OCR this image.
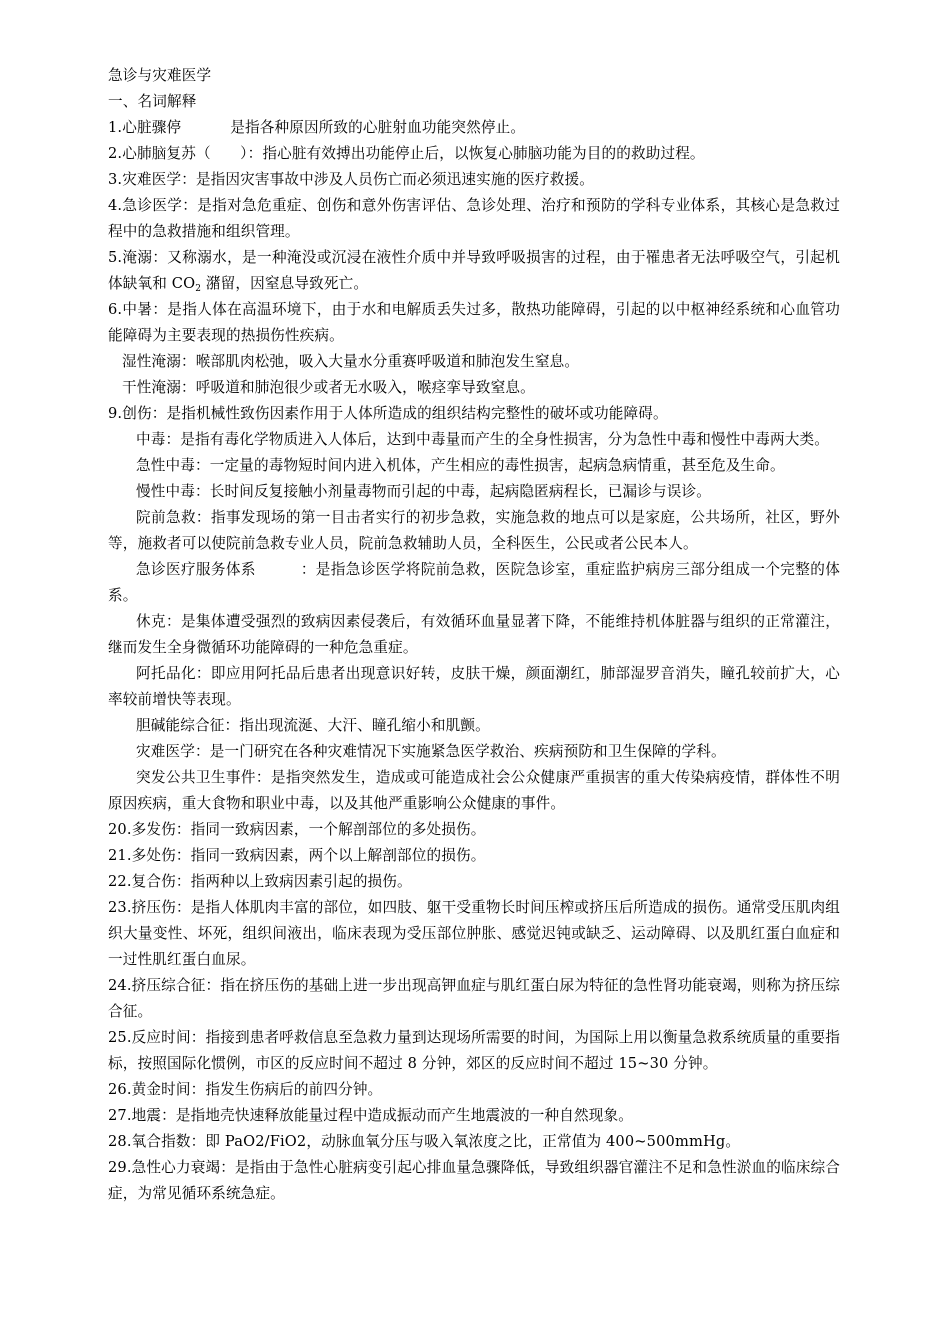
急诊与灾难医学

一、名词解释

1.心脏骤停　　　 是指各种原因所致的心脏射血功能突然停止。

2.心肺脑复苏（　　）：指心脏有效搏出功能停止后，以恢复心肺脑功能为目的的救助过程。

3.灾难医学：是指因灾害事故中涉及人员伤亡而必须迅速实施的医疗救援。

4.急诊医学：是指对急危重症、创伤和意外伤害评估、急诊处理、治疗和预防的学科专业体系，其核心是急救过程中的急救措施和组织管理。

5.淹溺：又称溺水，是一种淹没或沉浸在液性介质中并导致呼吸损害的过程，由于罹患者无法呼吸空气，引起机体缺氧和 $CO_2$ 潴留，因窒息导致死亡。

6.中暑：是指人体在高温环境下，由于水和电解质丢失过多，散热功能障碍，引起的以中枢神经系统和心血管功能障碍为主要表现的热损伤性疾病。

湿性淹溺：喉部肌肉松弛，吸入大量水分重赛呼吸道和肺泡发生窒息。

干性淹溺：呼吸道和肺泡很少或者无水吸入，喉痉挛导致窒息。

9.创伤：是指机械性致伤因素作用于人体所造成的组织结构完整性的破坏或功能障碍。

中毒：是指有毒化学物质进入人体后，达到中毒量而产生的全身性损害，分为急性中毒和慢性中毒两大类。

急性中毒：一定量的毒物短时间内进入机体，产生相应的毒性损害，起病急病情重，甚至危及生命。

慢性中毒：长时间反复接触小剂量毒物而引起的中毒，起病隐匿病程长，已漏诊与误诊。

院前急救：指事发现场的第一目击者实行的初步急救，实施急救的地点可以是家庭，公共场所，社区，野外等，施救者可以使院前急救专业人员，院前急救辅助人员，全科医生，公民或者公民本人。

急诊医疗服务体系　　　：是指急诊医学将院前急救，医院急诊室，重症监护病房三部分组成一个完整的体系。

休克：是集体遭受强烈的致病因素侵袭后，有效循环血量显著下降，不能维持机体脏器与组织的正常灌注，继而发生全身微循环功能障碍的一种危急重症。

阿托品化：即应用阿托品后患者出现意识好转，皮肤干燥，颜面潮红，肺部湿罗音消失，瞳孔较前扩大，心率较前增快等表现。

胆碱能综合征：指出现流涎、大汗、瞳孔缩小和肌颤。

灾难医学：是一门研究在各种灾难情况下实施紧急医学救治、疾病预防和卫生保障的学科。

突发公共卫生事件：是指突然发生，造成或可能造成社会公众健康严重损害的重大传染病疫情，群体性不明原因疾病，重大食物和职业中毒，以及其他严重影响公众健康的事件。

20.多发伤：指同一致病因素，一个解剖部位的多处损伤。

21.多处伤：指同一致病因素，两个以上解剖部位的损伤。

22.复合伤：指两种以上致病因素引起的损伤。

23.挤压伤：是指人体肌肉丰富的部位，如四肢、躯干受重物长时间压榨或挤压后所造成的损伤。通常受压肌肉组织大量变性、坏死，组织间液出，临床表现为受压部位肿胀、感觉迟钝或缺乏、运动障碍、以及肌红蛋白血症和一过性肌红蛋白血尿。

24.挤压综合征：指在挤压伤的基础上进一步出现高钾血症与肌红蛋白尿为特征的急性肾功能衰竭，则称为挤压综合征。

25.反应时间：指接到患者呼救信息至急救力量到达现场所需要的时间，为国际上用以衡量急救系统质量的重要指标，按照国际化惯例，市区的反应时间不超过 8 分钟，郊区的反应时间不超过 15~30 分钟。

26.黄金时间：指发生伤病后的前四分钟。

27.地震：是指地壳快速释放能量过程中造成振动而产生地震波的一种自然现象。

28.氧合指数：即 PaO2/FiO2，动脉血氧分压与吸入氧浓度之比，正常值为 400~500mmHg。

29.急性心力衰竭：是指由于急性心脏病变引起心排血量急骤降低，导致组织器官灌注不足和急性淤血的临床综合症，为常见循环系统急症。
